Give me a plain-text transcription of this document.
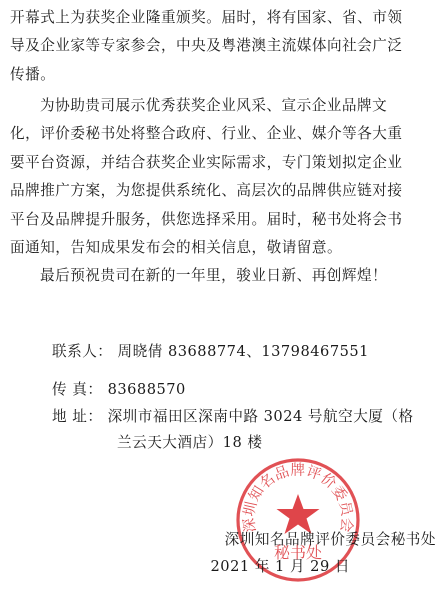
开幕式上为获奖企业隆重颁奖。届时，将有国家、省、市领
导及企业家等专家参会，中央及粤港澳主流媒体向社会广泛
传播。
为协助贵司展示优秀获奖企业风采、宣示企业品牌文
化，评价委秘书处将整合政府、行业、企业、媒介等各大重
要平台资源，并结合获奖企业实际需求，专门策划拟定企业
品牌推广方案，为您提供系统化、高层次的品牌供应链对接
平台及品牌提升服务，供您选择采用。届时，秘书处将会书
面通知，告知成果发布会的相关信息，敬请留意。
最后预祝贵司在新的一年里，骏业日新、再创辉煌！
联系人： 周晓倩 83688774、13798467551
传 真： 83688570
地 址： 深圳市福田区深南中路 3024 号航空大厦（格
兰云天大酒店）18 楼
深圳知名品牌评价委员会
秘书处
深圳知名品牌评价委员会秘书处
2021 年 1 月 29 日
